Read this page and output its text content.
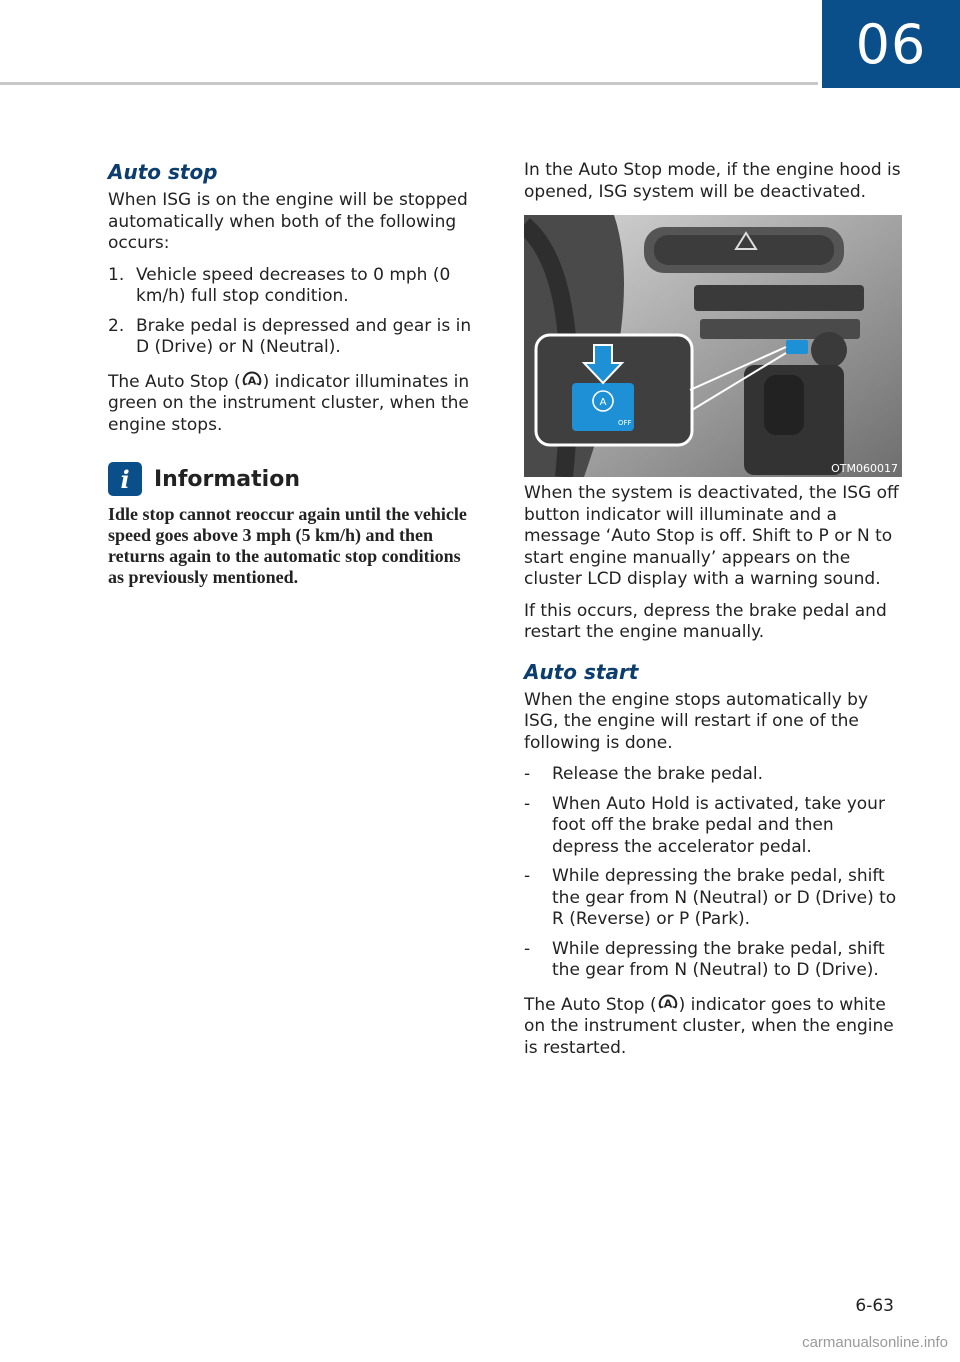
06
Auto stop

When ISG is on the engine will be stopped automatically when both of the following occurs:

1. Vehicle speed decreases to 0 mph (0 km/h) full stop condition.
2. Brake pedal is depressed and gear is in D (Drive) or N (Neutral).

The Auto Stop ( A ) indicator illuminates in green on the instrument cluster, when the engine stops.

i	Information

Idle stop cannot reoccur again until the vehicle speed goes above 3 mph (5 km/h) and then returns again to the automatic stop conditions as previously mentioned.

In the Auto Stop mode, if the engine hood is opened, ISG system will be deactivated.

A
OFF
OTM060017

When the system is deactivated, the ISG off button indicator will illuminate and a message ‘Auto Stop is off. Shift to P or N to start engine manually’ appears on the cluster LCD display with a warning sound.

If this occurs, depress the brake pedal and restart the engine manually.

Auto start

When the engine stops automatically by ISG, the engine will restart if one of the following is done.

- Release the brake pedal.
- When Auto Hold is activated, take your foot off the brake pedal and then depress the accelerator pedal.
- While depressing the brake pedal, shift the gear from N (Neutral) or D (Drive) to R (Reverse) or P (Park).
- While depressing the brake pedal, shift the gear from N (Neutral) to D (Drive).

The Auto Stop ( A ) indicator goes to white on the instrument cluster, when the engine is restarted.

6-63
carmanualsonline.info
